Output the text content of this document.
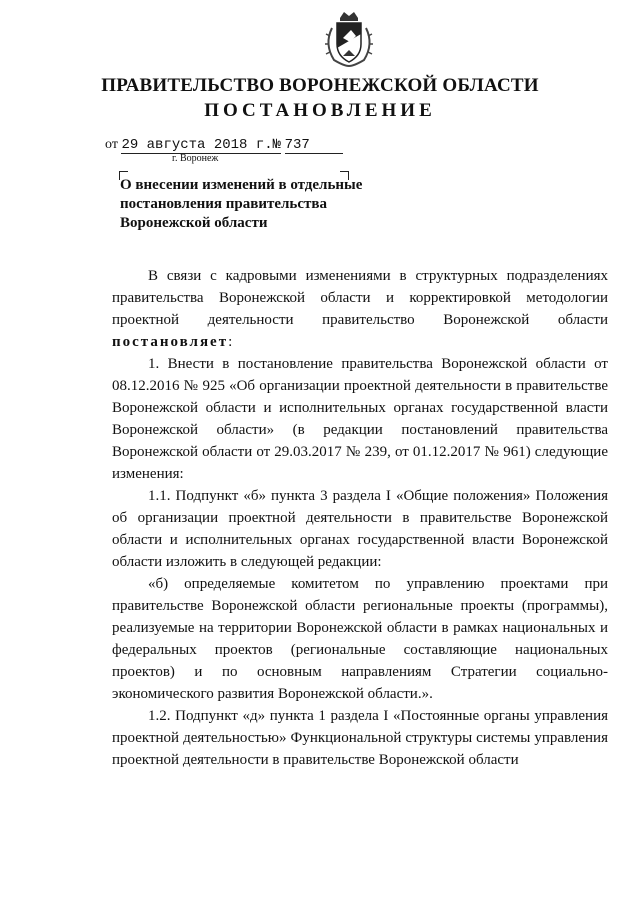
ПРАВИТЕЛЬСТВО ВОРОНЕЖСКОЙ ОБЛАСТИ
ПОСТАНОВЛЕНИЕ
от 29 августа 2018 г.№ 737
г. Воронеж
О внесении изменений в отдельные
постановления правительства
Воронежской области

В связи с кадровыми изменениями в структурных подразделениях правительства Воронежской области и корректировкой методологии проектной деятельности правительство Воронежской области постановляет:

1. Внести в постановление правительства Воронежской области от 08.12.2016 № 925 «Об организации проектной деятельности в правительстве Воронежской области и исполнительных органах государственной власти Воронежской области» (в редакции постановлений правительства Воронежской области от 29.03.2017 № 239, от 01.12.2017 № 961) следующие изменения:

1.1. Подпункт «б» пункта 3 раздела I «Общие положения» Положения об организации проектной деятельности в правительстве Воронежской области и исполнительных органах государственной власти Воронежской области изложить в следующей редакции:

«б) определяемые комитетом по управлению проектами при правительстве Воронежской области региональные проекты (программы), реализуемые на территории Воронежской области в рамках национальных и федеральных проектов (региональные составляющие национальных проектов) и по основным направлениям Стратегии социально-экономического развития Воронежской области.».

1.2. Подпункт «д» пункта 1 раздела I «Постоянные органы управления проектной деятельностью» Функциональной структуры системы управления проектной деятельности в правительстве Воронежской области
